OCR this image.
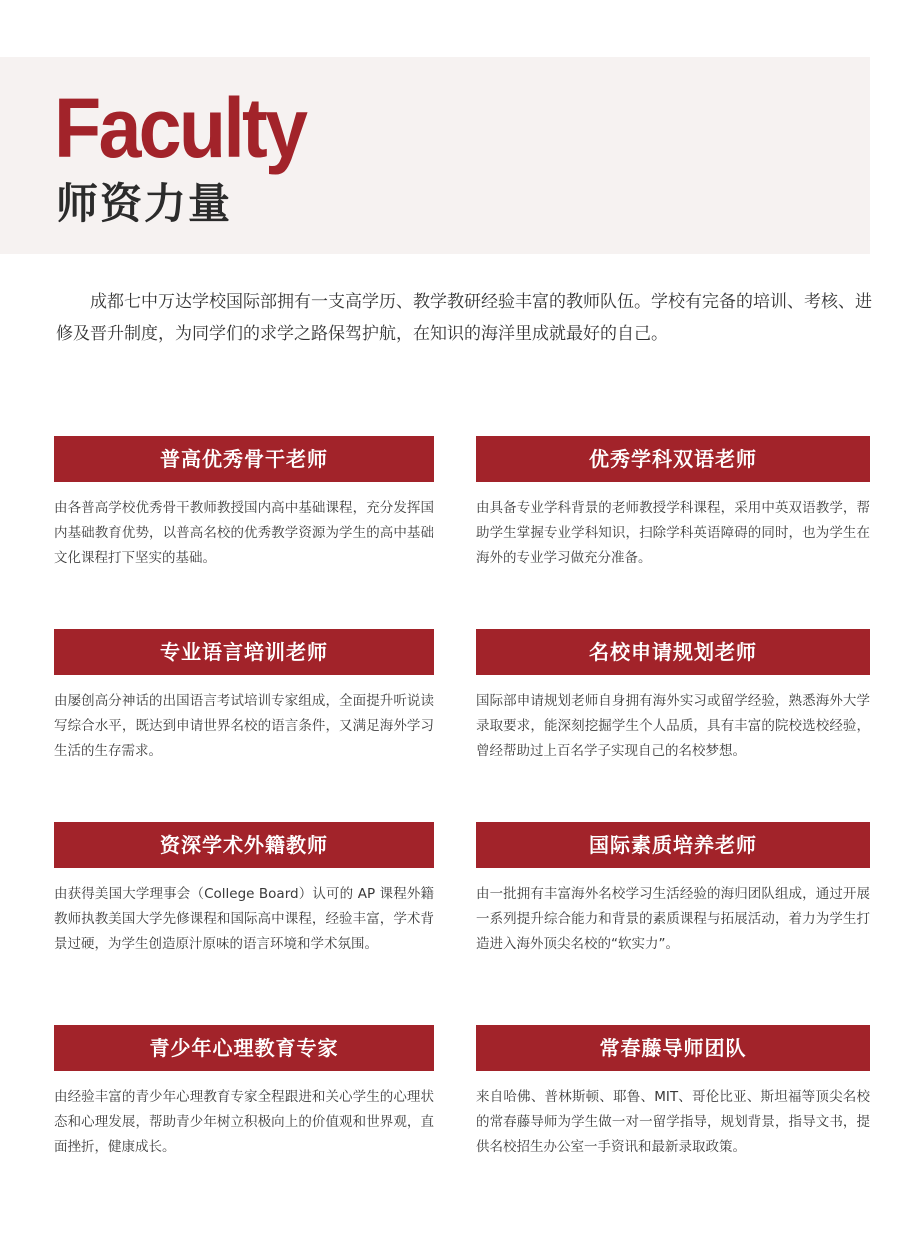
Faculty
师资力量

成都七中万达学校国际部拥有一支高学历、教学教研经验丰富的教师队伍。学校有完备的培训、考核、进修及晋升制度，为同学们的求学之路保驾护航，在知识的海洋里成就最好的自己。

普高优秀骨干老师

由各普高学校优秀骨干教师教授国内高中基础课程，充分发挥国内基础教育优势，以普高名校的优秀教学资源为学生的高中基础文化课程打下坚实的基础。

优秀学科双语老师

由具备专业学科背景的老师教授学科课程，采用中英双语教学，帮助学生掌握专业学科知识，扫除学科英语障碍的同时，也为学生在海外的专业学习做充分准备。

专业语言培训老师

由屡创高分神话的出国语言考试培训专家组成，全面提升听说读写综合水平，既达到申请世界名校的语言条件，又满足海外学习生活的生存需求。

名校申请规划老师

国际部申请规划老师自身拥有海外实习或留学经验，熟悉海外大学录取要求，能深刻挖掘学生个人品质，具有丰富的院校选校经验，曾经帮助过上百名学子实现自己的名校梦想。

资深学术外籍教师

由获得美国大学理事会（College Board）认可的 AP 课程外籍教师执教美国大学先修课程和国际高中课程，经验丰富，学术背景过硬，为学生创造原汁原味的语言环境和学术氛围。

国际素质培养老师

由一批拥有丰富海外名校学习生活经验的海归团队组成，通过开展一系列提升综合能力和背景的素质课程与拓展活动，着力为学生打造进入海外顶尖名校的“软实力”。

青少年心理教育专家

由经验丰富的青少年心理教育专家全程跟进和关心学生的心理状态和心理发展，帮助青少年树立积极向上的价值观和世界观，直面挫折，健康成长。

常春藤导师团队

来自哈佛、普林斯顿、耶鲁、MIT、哥伦比亚、斯坦福等顶尖名校的常春藤导师为学生做一对一留学指导，规划背景，指导文书，提供名校招生办公室一手资讯和最新录取政策。
